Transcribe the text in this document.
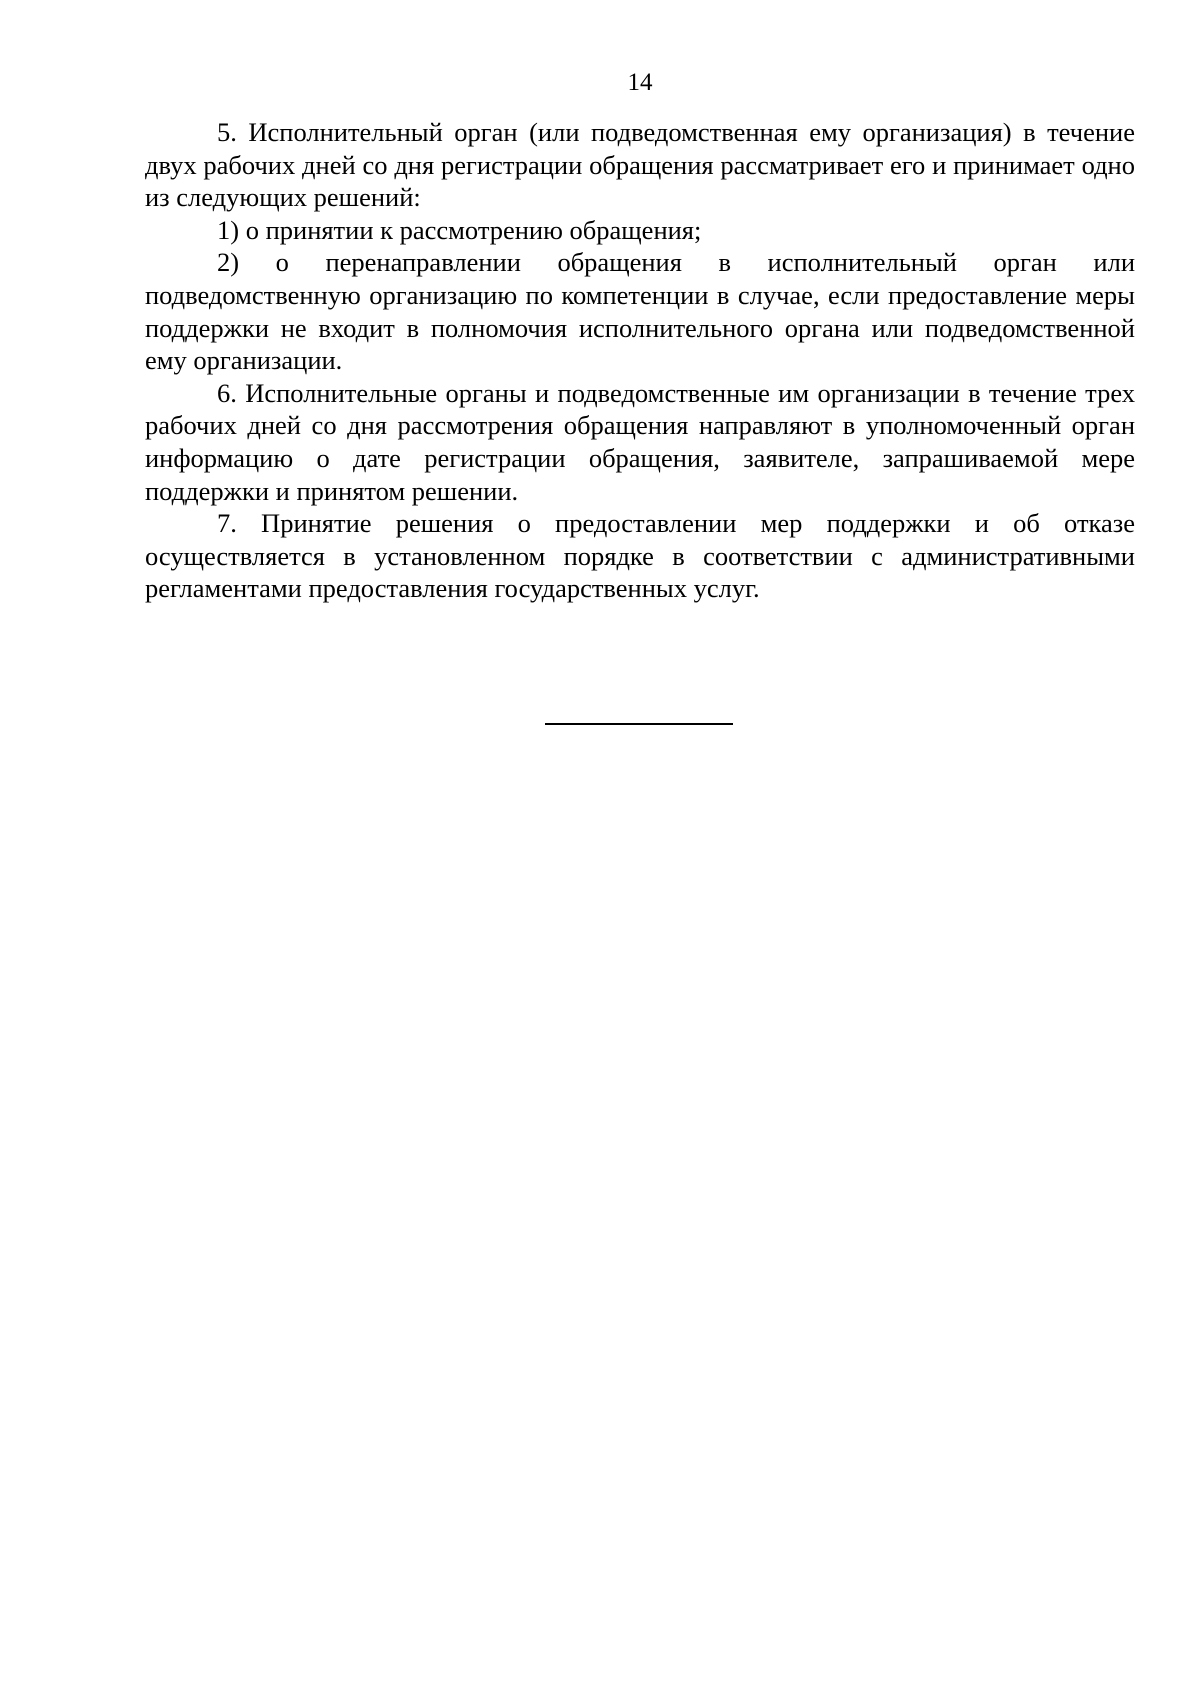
14

5. Исполнительный орган (или подведомственная ему организация) в течение двух рабочих дней со дня регистрации обращения рассматривает его и принимает одно из следующих решений:

1) о принятии к рассмотрению обращения;

2) о перенаправлении обращения в исполнительный орган или подведомственную организацию по компетенции в случае, если предоставление меры поддержки не входит в полномочия исполнительного органа или подведомственной ему организации.

6. Исполнительные органы и подведомственные им организации в течение трех рабочих дней со дня рассмотрения обращения направляют в уполномоченный орган информацию о дате регистрации обращения, заявителе, запрашиваемой мере поддержки и принятом решении.

7. Принятие решения о предоставлении мер поддержки и об отказе осуществляется в установленном порядке в соответствии с административными регламентами предоставления государственных услуг.
